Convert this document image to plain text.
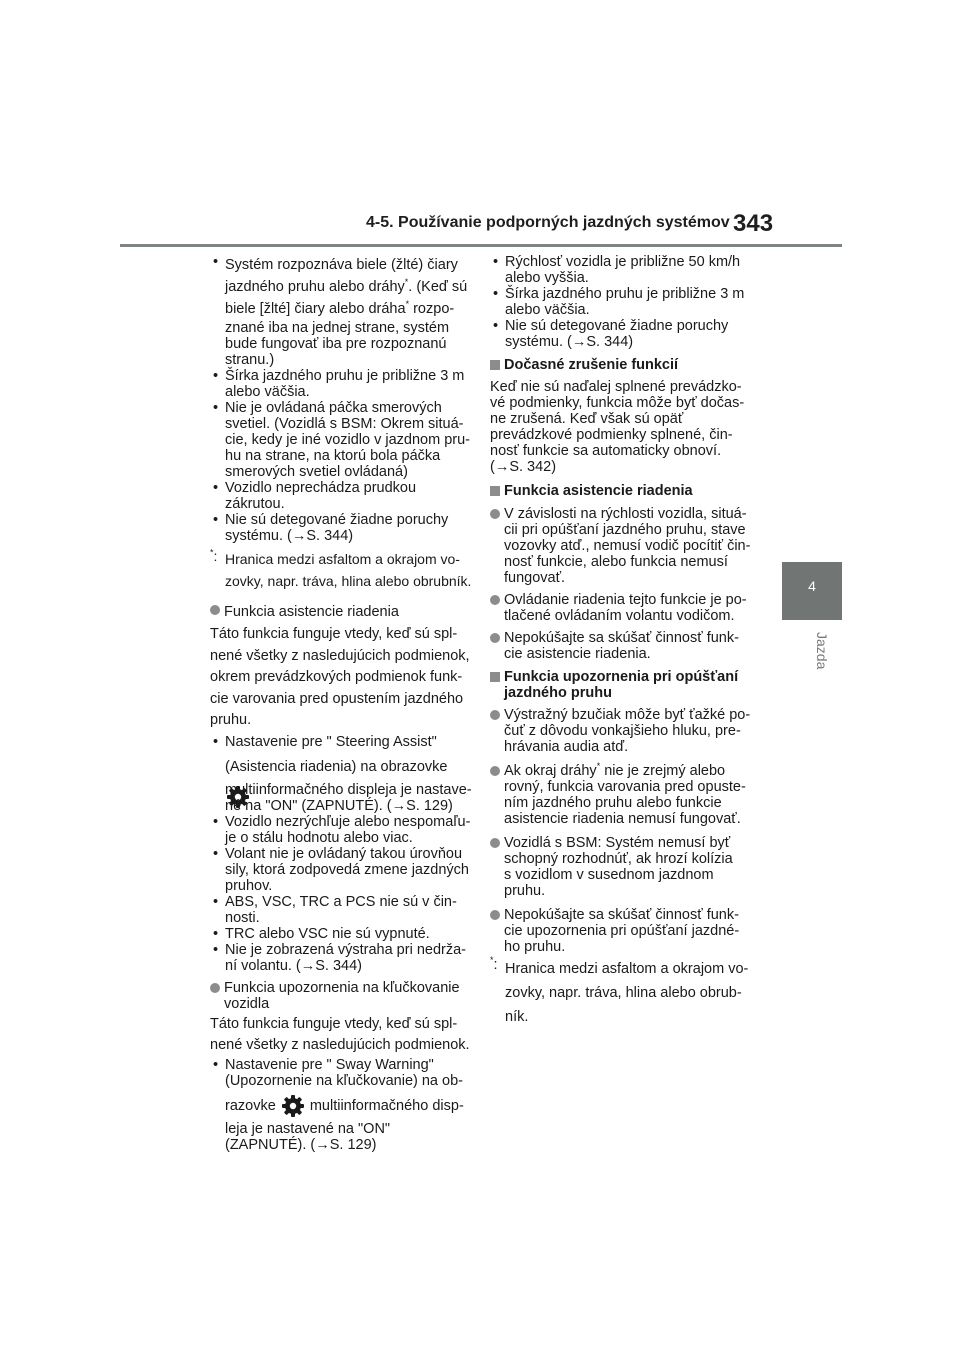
4-5. Používanie podporných jazdných systémov 343
4
Jazda
• Systém rozpoznáva biele (žlté) čiary
jazdného pruhu alebo dráhy*. (Keď sú
biele [žlté] čiary alebo dráha* rozpo-
znané iba na jednej strane, systém
bude fungovať iba pre rozpoznanú
stranu.)
• Šírka jazdného pruhu je približne 3 m
alebo väčšia.
• Nie je ovládaná páčka smerových
svetiel. (Vozidlá s BSM: Okrem situá-
cie, kedy je iné vozidlo v jazdnom pru-
hu na strane, na ktorú bola páčka
smerových svetiel ovládaná)
• Vozidlo neprechádza prudkou zákrutou.
• Nie sú detegované žiadne poruchy
systému. (→S. 344)
*: Hranica medzi asfaltom a okrajom vo-
zovky, napr. tráva, hlina alebo obrubník.
Funkcia asistencie riadenia
Táto funkcia funguje vtedy, keď sú spl-
nené všetky z nasledujúcich podmienok,
okrem prevádzkových podmienok funk-
cie varovania pred opustením jazdného
pruhu.
• Nastavenie pre " Steering Assist"
(Asistencia riadenia) na obrazovke
multiinformačného displeja je nastave-
né na "ON" (ZAPNUTÉ). (→S. 129)
• Vozidlo nezrýchľuje alebo nespomaľu-
je o stálu hodnotu alebo viac.
• Volant nie je ovládaný takou úrovňou
sily, ktorá zodpovedá zmene jazdných
pruhov.
• ABS, VSC, TRC a PCS nie sú v čin-
nosti.
• TRC alebo VSC nie sú vypnuté.
• Nie je zobrazená výstraha pri nedrža-
ní volantu. (→S. 344)
Funkcia upozornenia na kľučkovanie
vozidla
Táto funkcia funguje vtedy, keď sú spl-
nené všetky z nasledujúcich podmienok.
• Nastavenie pre " Sway Warning"
(Upozornenie na kľučkovanie) na ob-
razovke multiinformačného disp-
leja je nastavené na "ON"
(ZAPNUTÉ). (→S. 129)
• Rýchlosť vozidla je približne 50 km/h
alebo vyššia.
• Šírka jazdného pruhu je približne 3 m
alebo väčšia.
• Nie sú detegované žiadne poruchy
systému. (→S. 344)
Dočasné zrušenie funkcií
Keď nie sú naďalej splnené prevádzko-
vé podmienky, funkcia môže byť dočas-
ne zrušená. Keď však sú opäť
prevádzkové podmienky splnené, čin-
nosť funkcie sa automaticky obnoví.
(→S. 342)
Funkcia asistencie riadenia
V závislosti na rýchlosti vozidla, situá-
cii pri opúšťaní jazdného pruhu, stave
vozovky atď., nemusí vodič pocítiť čin-
nosť funkcie, alebo funkcia nemusí
fungovať.
Ovládanie riadenia tejto funkcie je po-
tlačené ovládaním volantu vodičom.
Nepokúšajte sa skúšať činnosť funk-
cie asistencie riadenia.
Funkcia upozornenia pri opúšťaní
jazdného pruhu
Výstražný bzučiak môže byť ťažké po-
čuť z dôvodu vonkajšieho hluku, pre-
hrávania audia atď.
Ak okraj dráhy* nie je zrejmý alebo
rovný, funkcia varovania pred opuste-
ním jazdného pruhu alebo funkcie
asistencie riadenia nemusí fungovať.
Vozidlá s BSM: Systém nemusí byť
schopný rozhodnúť, ak hrozí kolízia
s vozidlom v susednom jazdnom
pruhu.
Nepokúšajte sa skúšať činnosť funk-
cie upozornenia pri opúšťaní jazdné-
ho pruhu.
*: Hranica medzi asfaltom a okrajom vo-
zovky, napr. tráva, hlina alebo obrub-
ník.
